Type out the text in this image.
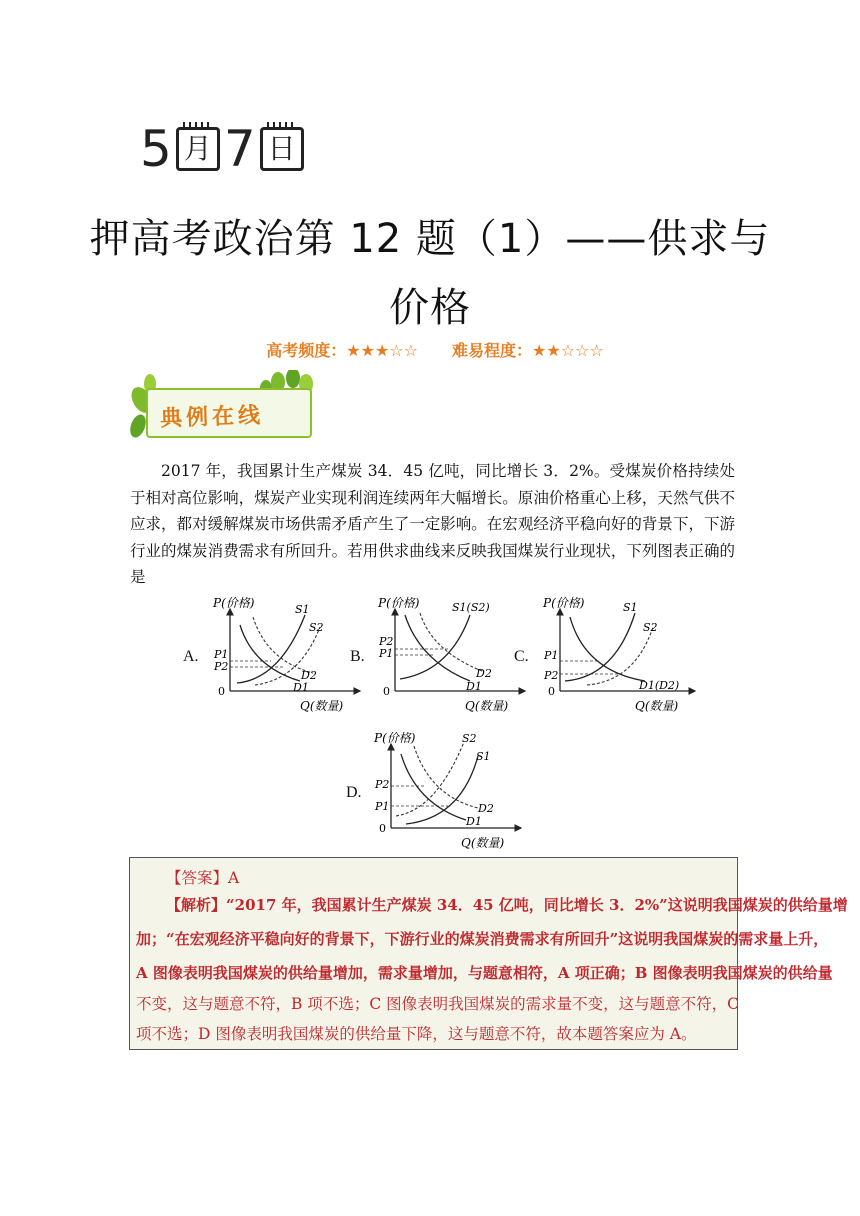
5 月 7 日
押高考政治第 12 题（1）——供求与
价格
高考频度：★★★☆☆ 难易程度：★★☆☆☆
典例在线
2017 年，我国累计生产煤炭 34．45 亿吨，同比增长 3．2%。受煤炭价格持续处于相对高位影响，煤炭产业实现利润连续两年大幅增长。原油价格重心上移，天然气供不应求，都对缓解煤炭市场供需矛盾产生了一定影响。在宏观经济平稳向好的背景下，下游行业的煤炭消费需求有所回升。若用供求曲线来反映我国煤炭行业现状，下列图表正确的是
A.
P(价格)
Q(数量)
0
P1
P2
S1
S2
D1
D2
B.
P(价格)
Q(数量)
0
P2
P1
S1(S2)
D2
D1
C.
P(价格)
Q(数量)
0
P1
P2
S1
S2
D1(D2)
D.
P(价格)
Q(数量)
0
P2
P1
S2
S1
D2
D1
【答案】A
【解析】“2017 年，我国累计生产煤炭 34．45 亿吨，同比增长 3．2%”这说明我国煤炭的供给量增
加；“在宏观经济平稳向好的背景下，下游行业的煤炭消费需求有所回升”这说明我国煤炭的需求量上升，
A 图像表明我国煤炭的供给量增加，需求量增加，与题意相符，A 项正确；B 图像表明我国煤炭的供给量
不变，这与题意不符，B 项不选；C 图像表明我国煤炭的需求量不变，这与题意不符，C
项不选；D 图像表明我国煤炭的供给量下降，这与题意不符，故本题答案应为 A。
